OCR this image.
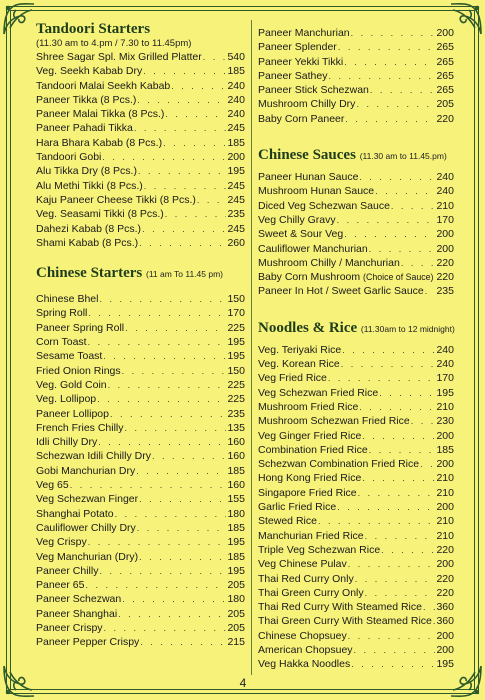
Tandoori Starters
(11.30 am to 4.pm / 7.30 to 11.45pm)
Shree Sagar Spl. Mix Grilled Platter . . . 540
Veg. Seekh Kabab Dry . . .	185
Tandoori Malai Seekh Kabab . . .	240
Paneer Tikka (8 Pcs.) . . .	240
Paneer Malai Tikka (8 Pcs.) . . .	240
Paneer Pahadi Tikka . . .	245
Hara Bhara Kabab (8 Pcs.) . . .	185
Tandoori Gobi . . .	200
Alu Tikka Dry (8 Pcs.) . . .	195
Alu Methi Tikki (8 Pcs.) . . .	245
Kaju Paneer Cheese Tikki (8 Pcs.) . . .	245
Veg. Seasami Tikki (8 Pcs.) . . .	235
Dahezi Kabab (8 Pcs.) . . .	245
Shami Kabab (8 Pcs.) . . .	260
Chinese Starters (11 am To 11.45 pm)
Chinese Bhel . . .	150
Spring Roll . . .	170
Paneer Spring Roll . . .	225
Corn Toast . . .	195
Sesame Toast . . .	195
Fried Onion Rings . . .	150
Veg. Gold Coin . . .	225
Veg. Lollipop . . .	225
Paneer Lollipop . . .	235
French Fries Chilly . . .	135
Idli Chilly Dry . . .	160
Schezwan Idili Chilly Dry . . .	160
Gobi Manchurian Dry . . .	185
Veg 65 . . .	160
Veg Schezwan Finger . . .	155
Shanghai Potato . . .	180
Cauliflower Chilly Dry . . .	185
Veg Crispy . . .	195
Veg Manchurian (Dry) . . .	185
Paneer Chilly . . .	195
Paneer 65 . . .	205
Paneer Schezwan . . .	180
Paneer Shanghai . . .	205
Paneer Crispy . . .	205
Paneer Pepper Crispy . . .	215
Paneer Manchurian . . .	200
Paneer Splender . . .	265
Paneer Yekki Tikki . . .	265
Paneer Sathey . . .	265
Paneer Stick Schezwan . . .	265
Mushroom Chilly Dry . . .	205
Baby Corn Paneer . . .	220
Chinese Sauces (11.30 am to 11.45.pm)
Paneer Hunan Sauce . . .	240
Mushroom Hunan Sauce . . .	240
Diced Veg Schezwan Sauce . . .	210
Veg Chilly Gravy . . .	170
Sweet & Sour Veg . . .	200
Cauliflower Manchurian . . .	200
Mushroom Chilly / Manchurian . . .	220
Baby Corn Mushroom (Choice of Sauce) . . . 220
Paneer In Hot / Sweet Garlic Sauce . . . 235
Noodles & Rice (11.30am to 12 midnight)
Veg. Teriyaki Rice . . .	240
Veg. Korean Rice . . .	240
Veg Fried Rice . . .	170
Veg Schezwan Fried Rice . . .	195
Mushroom Fried Rice . . .	210
Mushroom Schezwan Fried Rice . . .	230
Veg Ginger Fried Rice . . .	200
Combination Fried Rice . . .	185
Schezwan Combination Fried Rice . . . 200
Hong Kong Fried Rice . . .	210
Singapore Fried Rice . . .	210
Garlic Fried Rice . . .	200
Stewed Rice . . .	210
Manchurian Fried Rice . . .	210
Triple Veg Schezwan Rice . . .	220
Veg Chinese Pulav . . .	200
Thai Red Curry Only . . .	220
Thai Green Curry Only . . .	220
Thai Red Curry With Steamed Rice . . . 360
Thai Green Curry With Steamed Rice . . . 360
Chinese Chopsuey . . .	200
American Chopsuey . . .	200
Veg Hakka Noodles . . .	195
4
